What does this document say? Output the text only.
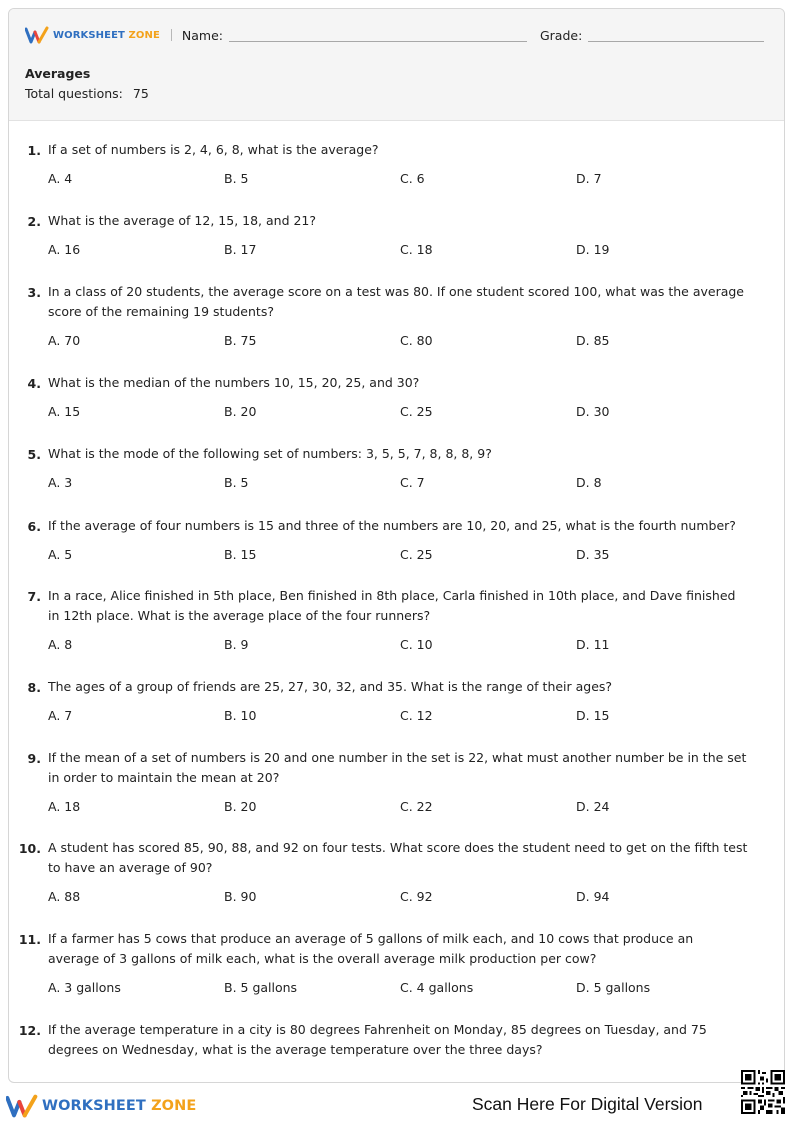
WORKSHEET ZONE Name:	Grade:
Averages
Total questions: 75
1. If a set of numbers is 2, 4, 6, 8, what is the average?
A. 4	B. 5	C. 6	D. 7
2. What is the average of 12, 15, 18, and 21?
A. 16	B. 17	C. 18	D. 19
3. In a class of 20 students, the average score on a test was 80. If one student scored 100, what was the average score of the remaining 19 students?
A. 70	B. 75	C. 80	D. 85
4. What is the median of the numbers 10, 15, 20, 25, and 30?
A. 15	B. 20	C. 25	D. 30
5. What is the mode of the following set of numbers: 3, 5, 5, 7, 8, 8, 8, 9?
A. 3	B. 5	C. 7	D. 8
6. If the average of four numbers is 15 and three of the numbers are 10, 20, and 25, what is the fourth number?
A. 5	B. 15	C. 25	D. 35
7. In a race, Alice finished in 5th place, Ben finished in 8th place, Carla finished in 10th place, and Dave finished in 12th place. What is the average place of the four runners?
A. 8	B. 9	C. 10	D. 11
8. The ages of a group of friends are 25, 27, 30, 32, and 35. What is the range of their ages?
A. 7	B. 10	C. 12	D. 15
9. If the mean of a set of numbers is 20 and one number in the set is 22, what must another number be in the set in order to maintain the mean at 20?
A. 18	B. 20	C. 22	D. 24
10. A student has scored 85, 90, 88, and 92 on four tests. What score does the student need to get on the fifth test to have an average of 90?
A. 88	B. 90	C. 92	D. 94
11. If a farmer has 5 cows that produce an average of 5 gallons of milk each, and 10 cows that produce an average of 3 gallons of milk each, what is the overall average milk production per cow?
A. 3 gallons	B. 5 gallons	C. 4 gallons	D. 5 gallons
12. If the average temperature in a city is 80 degrees Fahrenheit on Monday, 85 degrees on Tuesday, and 75 degrees on Wednesday, what is the average temperature over the three days?
WORKSHEET ZONE	Scan Here For Digital Version
